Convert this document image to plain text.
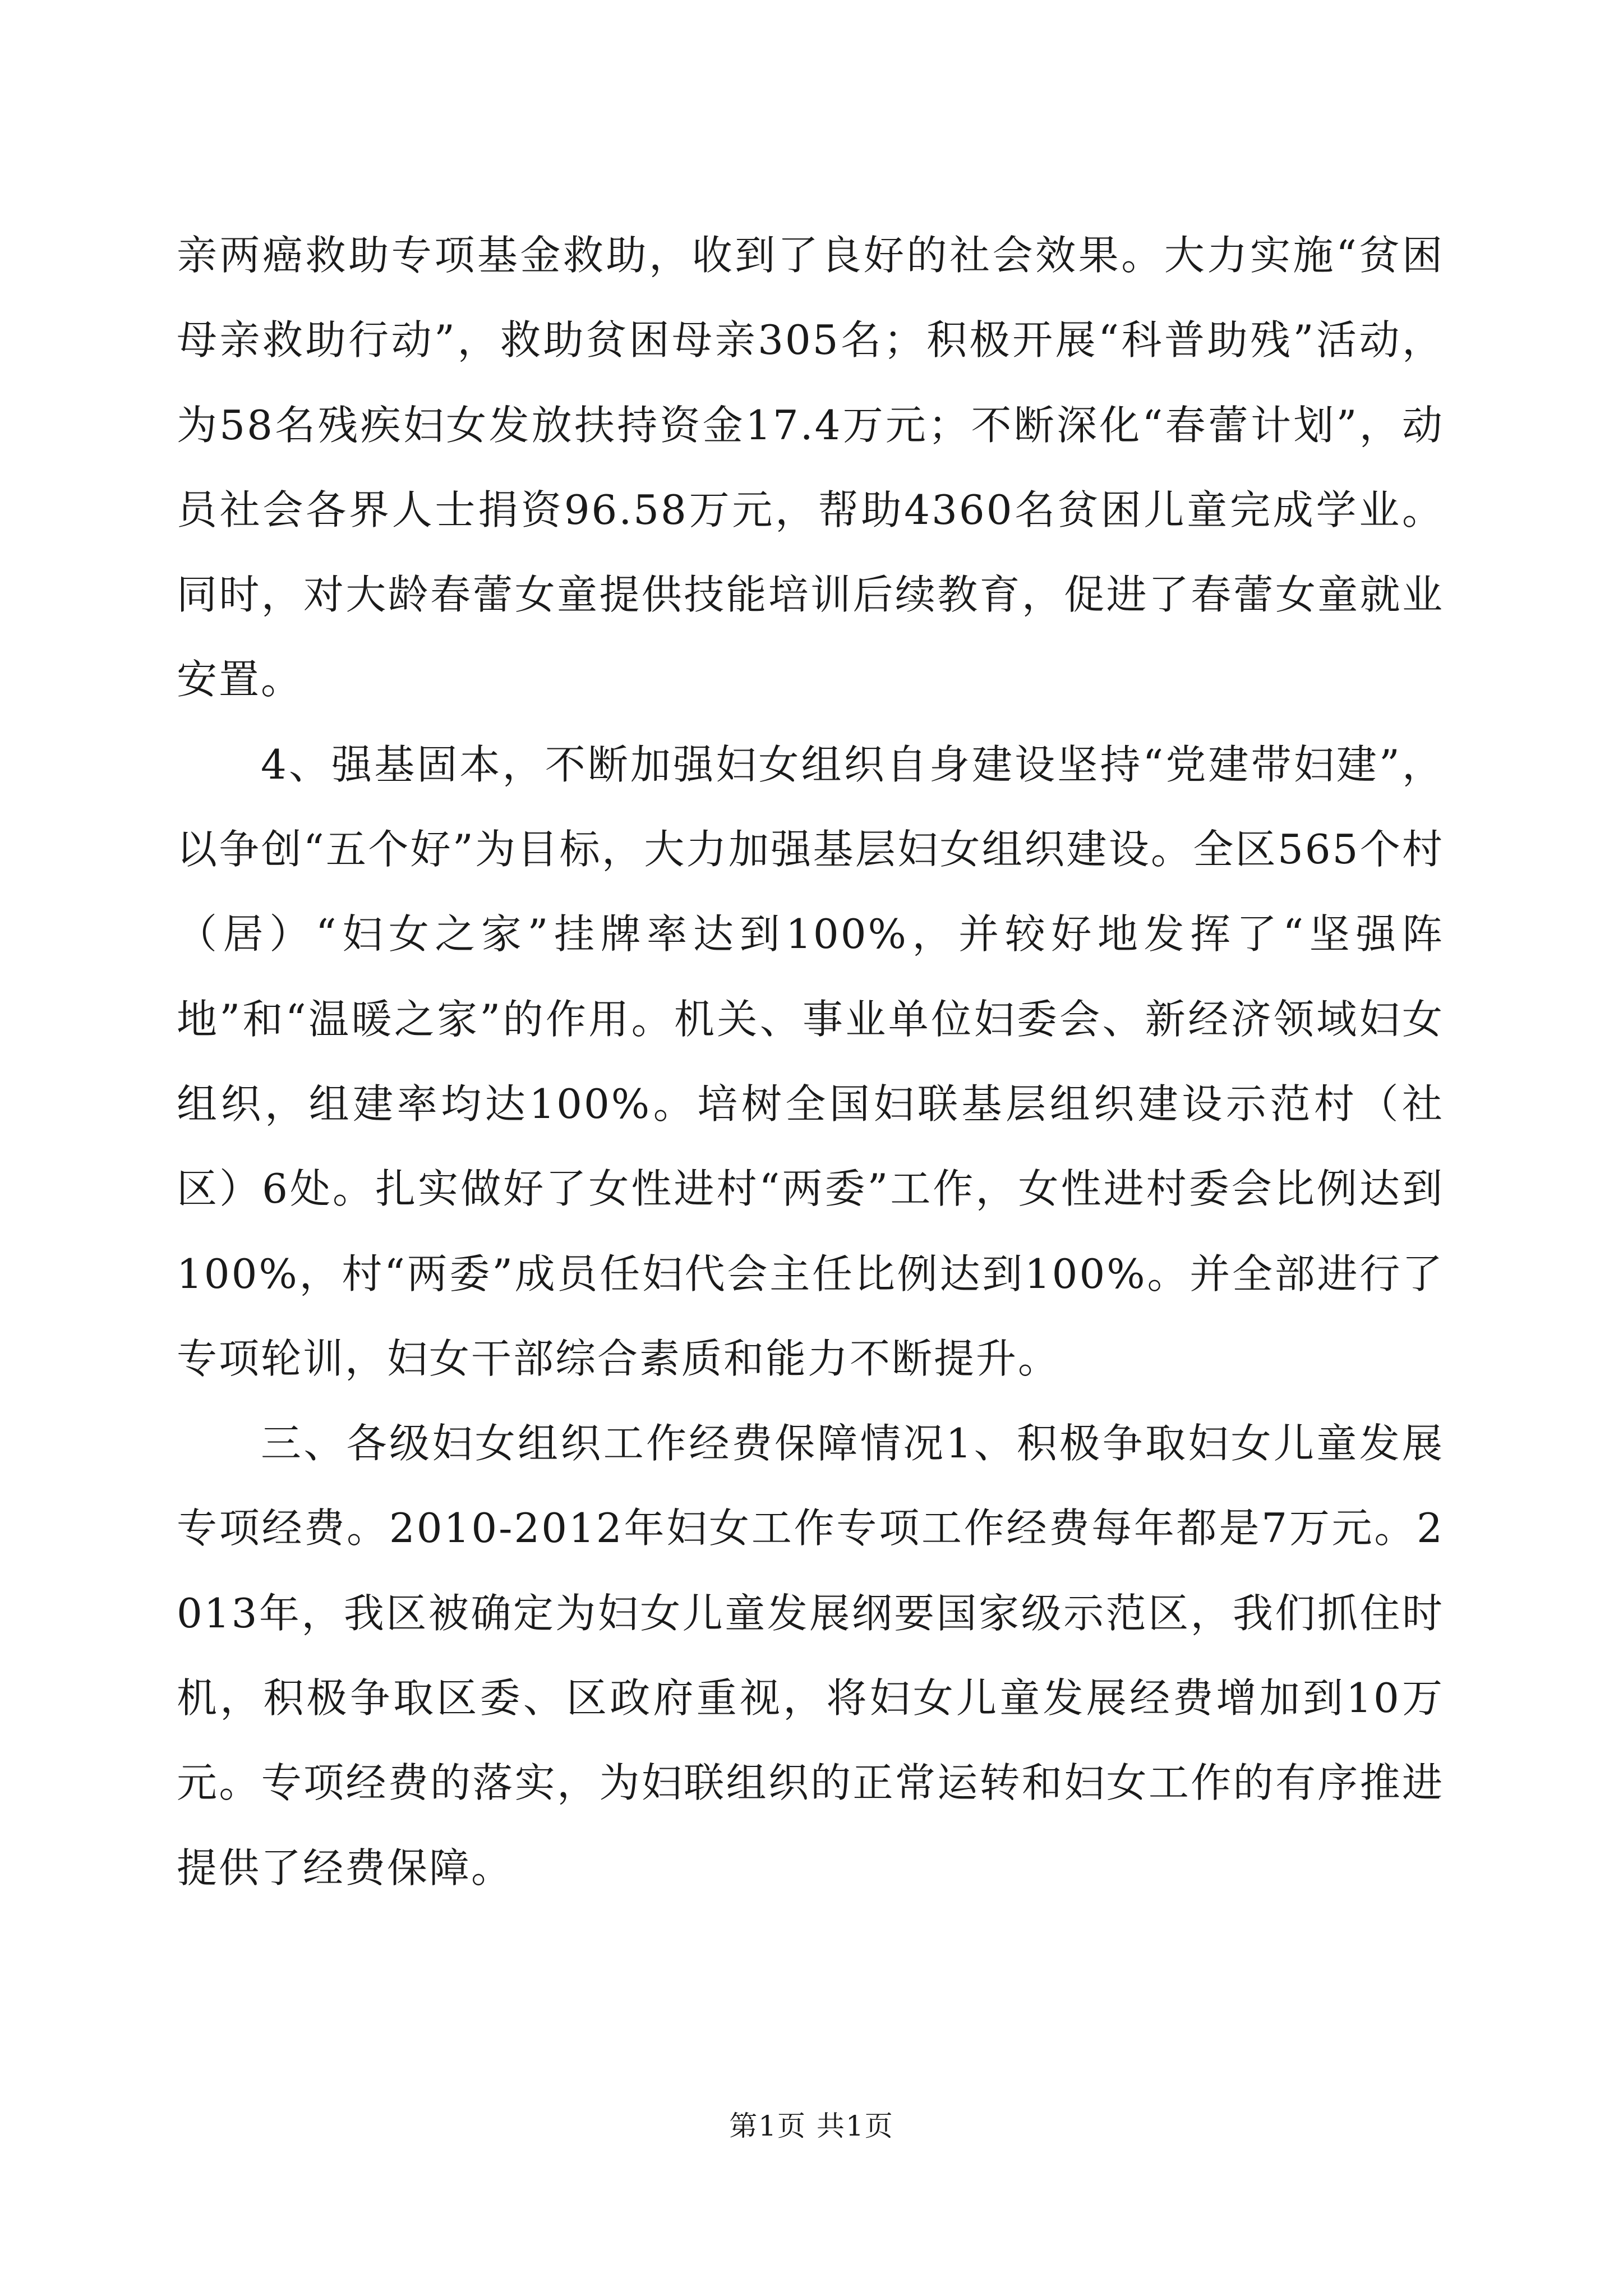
亲两癌救助专项基金救助，收到了良好的社会效果。大力实施“贫困母亲救助行动”，救助贫困母亲305名；积极开展“科普助残”活动，为58名残疾妇女发放扶持资金17.4万元；不断深化“春蕾计划”，动员社会各界人士捐资96.58万元，帮助4360名贫困儿童完成学业。同时，对大龄春蕾女童提供技能培训后续教育，促进了春蕾女童就业安置。

4、强基固本，不断加强妇女组织自身建设坚持“党建带妇建”，以争创“五个好”为目标，大力加强基层妇女组织建设。全区565个村（居）“妇女之家”挂牌率达到100%，并较好地发挥了“坚强阵地”和“温暖之家”的作用。机关、事业单位妇委会、新经济领域妇女组织，组建率均达100%。培树全国妇联基层组织建设示范村（社区）6处。扎实做好了女性进村“两委”工作，女性进村委会比例达到100%，村“两委”成员任妇代会主任比例达到100%。并全部进行了专项轮训，妇女干部综合素质和能力不断提升。

三、各级妇女组织工作经费保障情况1、积极争取妇女儿童发展专项经费。2010-2012年妇女工作专项工作经费每年都是7万元。2013年，我区被确定为妇女儿童发展纲要国家级示范区，我们抓住时机，积极争取区委、区政府重视，将妇女儿童发展经费增加到10万元。专项经费的落实，为妇联组织的正常运转和妇女工作的有序推进提供了经费保障。

第1页 共1页
